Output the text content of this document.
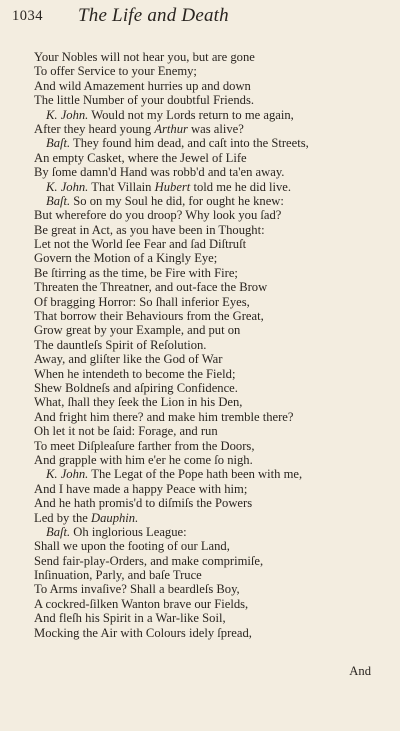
1034 The Life and Death
Your Nobles will not hear you, but are gone
To offer Service to your Enemy;
And wild Amazement hurries up and down
The little Number of your doubtful Friends.
K. John. Would not my Lords return to me again,
After they heard young Arthur was alive?
Baſt. They found him dead, and caſt into the Streets,
An empty Casket, where the Jewel of Life
By ſome damn'd Hand was robb'd and ta'en away.
K. John. That Villain Hubert told me he did live.
Baſt. So on my Soul he did, for ought he knew:
But wherefore do you droop? Why look you ſad?
Be great in Act, as you have been in Thought:
Let not the World ſee Fear and ſad Diſtruſt
Govern the Motion of a Kingly Eye;
Be ſtirring as the time, be Fire with Fire;
Threaten the Threatner, and out-face the Brow
Of bragging Horror: So ſhall inferior Eyes,
That borrow their Behaviours from the Great,
Grow great by your Example, and put on
The dauntleſs Spirit of Reſolution.
Away, and gliſter like the God of War
When he intendeth to become the Field;
Shew Boldneſs and aſpiring Confidence.
What, ſhall they ſeek the Lion in his Den,
And fright him there? and make him tremble there?
Oh let it not be ſaid: Forage, and run
To meet Diſpleaſure farther from the Doors,
And grapple with him e'er he come ſo nigh.
K. John. The Legat of the Pope hath been with me,
And I have made a happy Peace with him;
And he hath promis'd to diſmiſs the Powers
Led by the Dauphin.
Baſt. Oh inglorious League:
Shall we upon the footing of our Land,
Send fair-play-Orders, and make comprimiſe,
Inſinuation, Parly, and baſe Truce
To Arms invaſive? Shall a beardleſs Boy,
A cockred-ſilken Wanton brave our Fields,
And fleſh his Spirit in a War-like Soil,
Mocking the Air with Colours idely ſpread,
And
